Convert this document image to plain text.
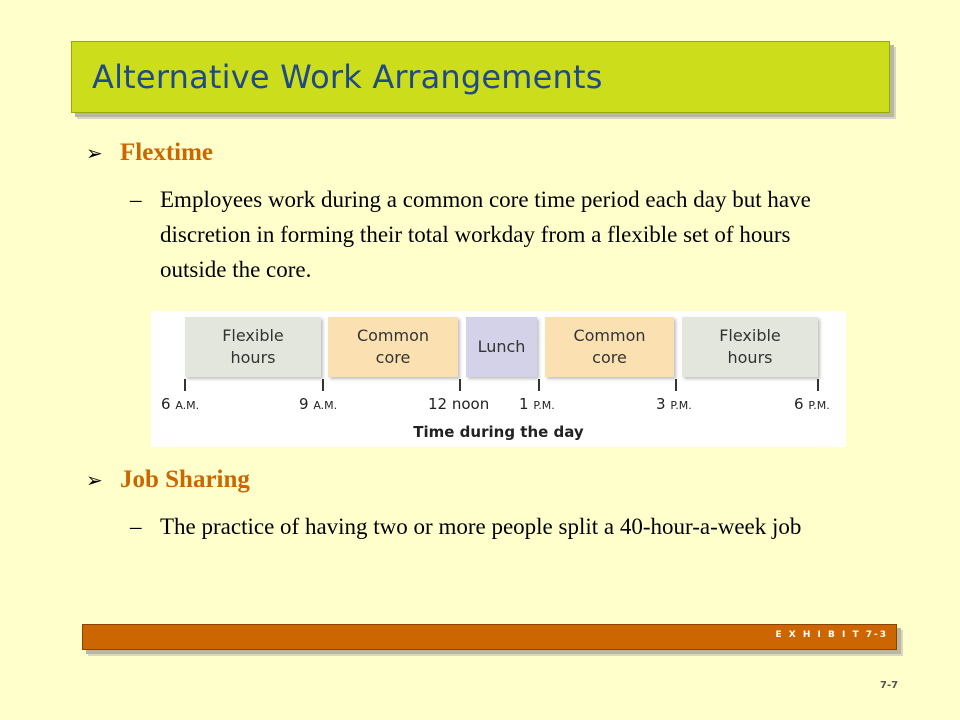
Alternative Work Arrangements
➢ Flextime
– Employees work during a common core time period each day but have discretion in forming their total workday from a flexible set of hours outside the core.
Flexible
hours
Common
core
Lunch
Common
core
Flexible
hours
6 A.M.	9 A.M.	12 noon 1 P.M.	3 P.M.	6 P.M.
Time during the day
➢ Job Sharing
– The practice of having two or more people split a 40-hour-a-week job
E X H I B I T 7-3
7-7
